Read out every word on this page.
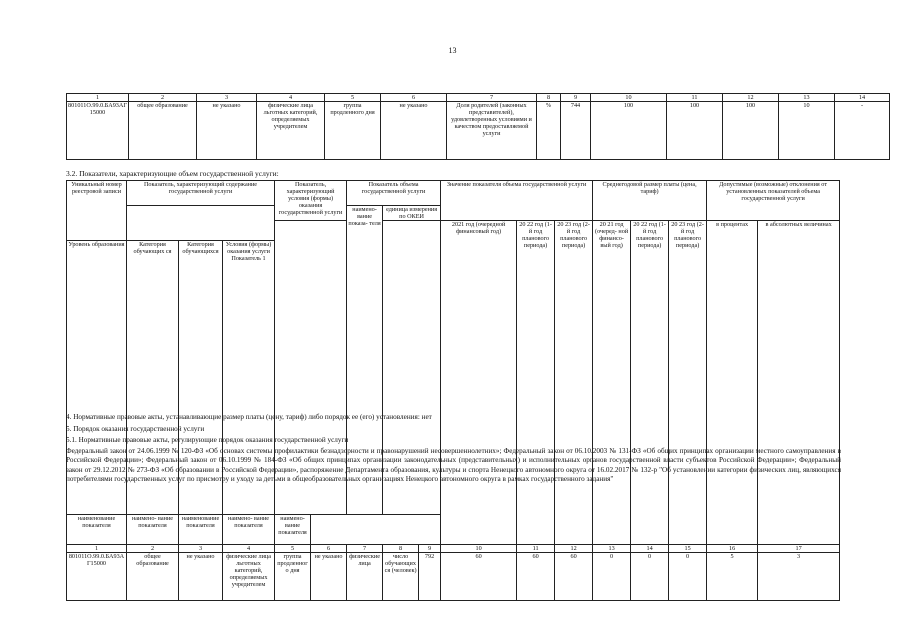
13
1	2	3	4	5	6	7	8	9	10	11	12	13	14
801011О.99.0.БА93АГ15000	общее образование	не указано	физические лица льготных категорий, определяемых учредителем	группа продленного дня	не указано	Доля родителей (законных представителей), удовлетворенных условиями и качеством предоставляемой услуги	%	744	100	100	100	10	-
3.2. Показатели, характеризующие объем государственной услуги:
Уникальный номер реестровой записи	Показатель, характеризующий содержание государственной услуги			Показатель, характеризующий условия (формы) оказания государственной услуги		Показатель объема государственной услуги			Значение показателя объема государственной услуги			Среднегодовой размер платы (цена, тариф)			Допустимые (возможные) отклонения от установленных показателей объема государственной услуги		
						наимено- вание показа- теля	единица измерения по ОКЕИ										
									2021 год (очередной финансовый год)	20 22 год (1-й год планового периода)	20 23 год (2-й год планового периода)	20 21 год (очеред- ной финансо- вый год)	20 22 год (1-й год планового периода)	20 23 год (2-й год планового периода)	в процентах	в абсолютных величинах	
Уровень образования	Категория обучающих ся	Категория обучающихся	Условия (формы) оказания услуги Показатель 1			
наименование показателя	наимено- вание показателя	наименование показателя	наимено- вание показателя	наимено- вание показателя													
1	2	3	4	5	6	7	8	9	10	11	12	13	14	15	16	17	
801011О.99.0.БА93АГ15000	общее образование	не указано	физические лица льготных категорий, определяемых учредителем	группа продленного дня	не указано	физические лица	число обучающихся (человек)	792	60	60	60	0	0	0	5	3	
4. Нормативные правовые акты, устанавливающие размер платы (цену, тариф) либо порядок ее (его) установления: нет
5. Порядок оказания государственной услуги
5.1. Нормативные правовые акты, регулирующие порядок оказания государственной услуги
Федеральный закон от 24.06.1999 № 120-ФЗ «Об основах системы профилактики безнадзорности и правонарушений несовершеннолетних»; Федеральный закон от 06.10.2003 № 131-ФЗ «Об общих принципах организации местного самоуправления в Российской Федерации»; Федеральный закон от 06.10.1999 № 184-ФЗ «Об общих принципах организации законодательных (представительных) и исполнительных органов государственной власти субъектов Российской Федерации»; Федеральный закон от 29.12.2012 № 273-ФЗ «Об образовании в Российской Федерации», распоряжение Департамента образования, культуры и спорта Ненецкого автономного округа от 16.02.2017 № 132-р "Об установлении категории физических лиц, являющихся потребителями государственных услуг по присмотру и уходу за детьми в общеобразовательных организациях Ненецкого автономного округа в рамках государственного задания"
